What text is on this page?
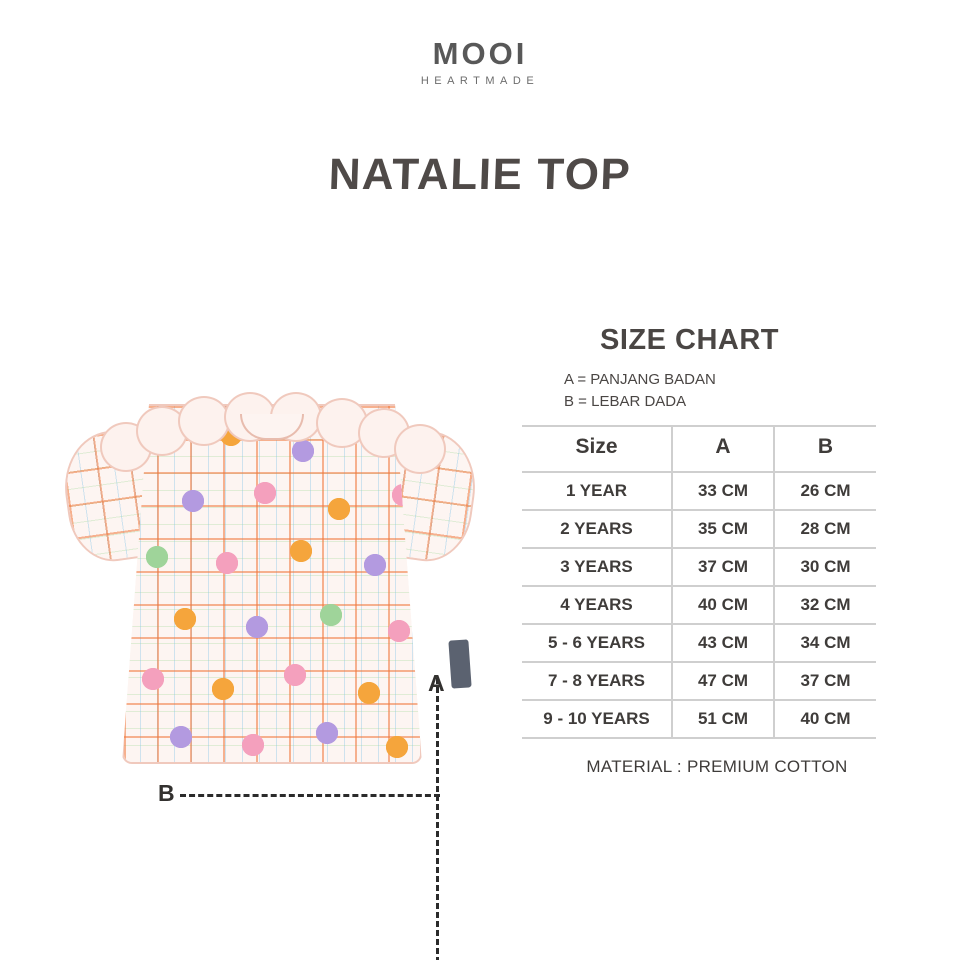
MOOI
HEARTMADE
NATALIE TOP
A
B
SIZE CHART
A = PANJANG BADAN
B = LEBAR DADA
Size	A	B
1 YEAR	33 CM	26 CM
2 YEARS	35 CM	28 CM
3 YEARS	37 CM	30 CM
4 YEARS	40 CM	32 CM
5 - 6 YEARS	43 CM	34 CM
7 - 8 YEARS	47 CM	37 CM
9 - 10 YEARS	51 CM	40 CM
MATERIAL : PREMIUM COTTON
